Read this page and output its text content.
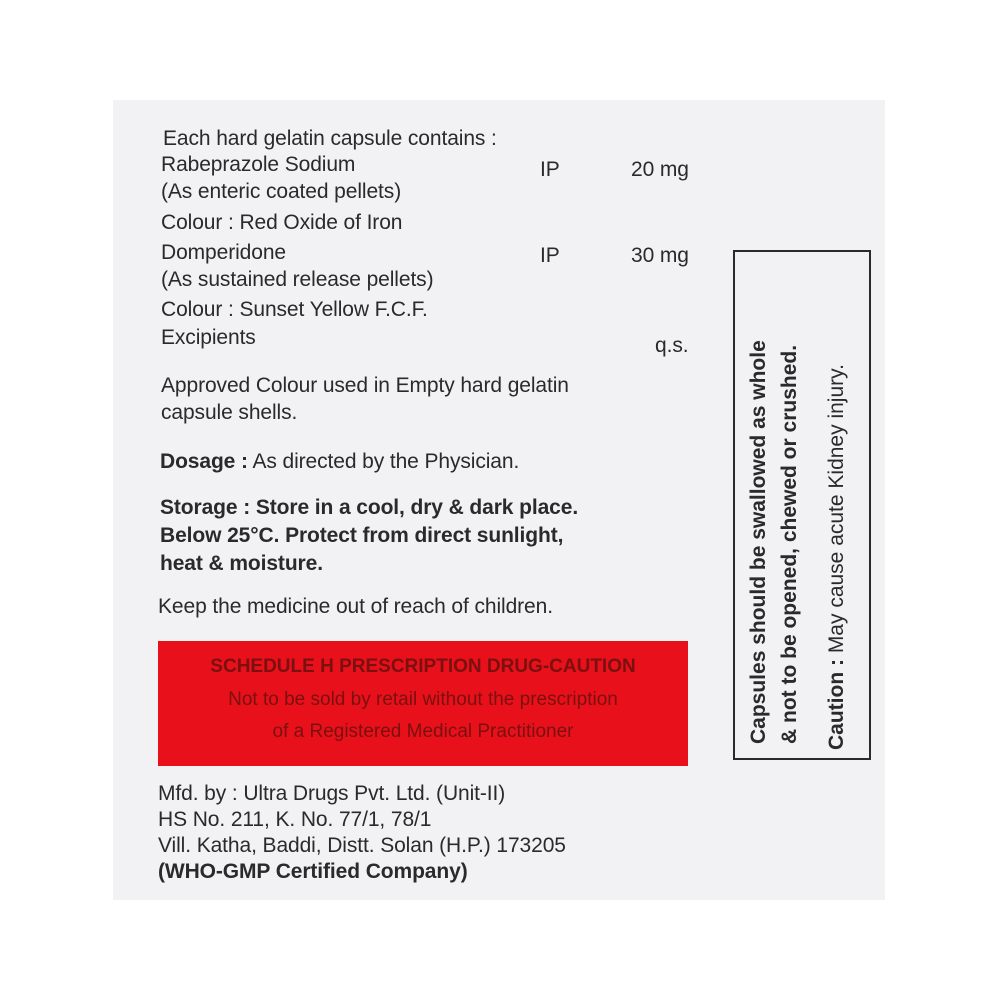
Each hard gelatin capsule contains :
Rabeprazole Sodium	IP	20 mg
(As enteric coated pellets)
Colour : Red Oxide of Iron
Domperidone	IP	30 mg
(As sustained release pellets)
Colour : Sunset Yellow F.C.F.
Excipients	q.s.
Approved Colour used in Empty hard gelatin
capsule shells.
Dosage : As directed by the Physician.
Storage : Store in a cool, dry & dark place.
Below 25°C. Protect from direct sunlight,
heat & moisture.
Keep the medicine out of reach of children.
SCHEDULE H PRESCRIPTION DRUG-CAUTION
Not to be sold by retail without the prescription
of a Registered Medical Practitioner
Mfd. by : Ultra Drugs Pvt. Ltd. (Unit-II)
HS No. 211, K. No. 77/1, 78/1
Vill. Katha, Baddi, Distt. Solan (H.P.) 173205
(WHO-GMP Certified Company)
Capsules should be swallowed as whole & not to be opened, chewed or crushed. Caution : May cause acute Kidney injury.
